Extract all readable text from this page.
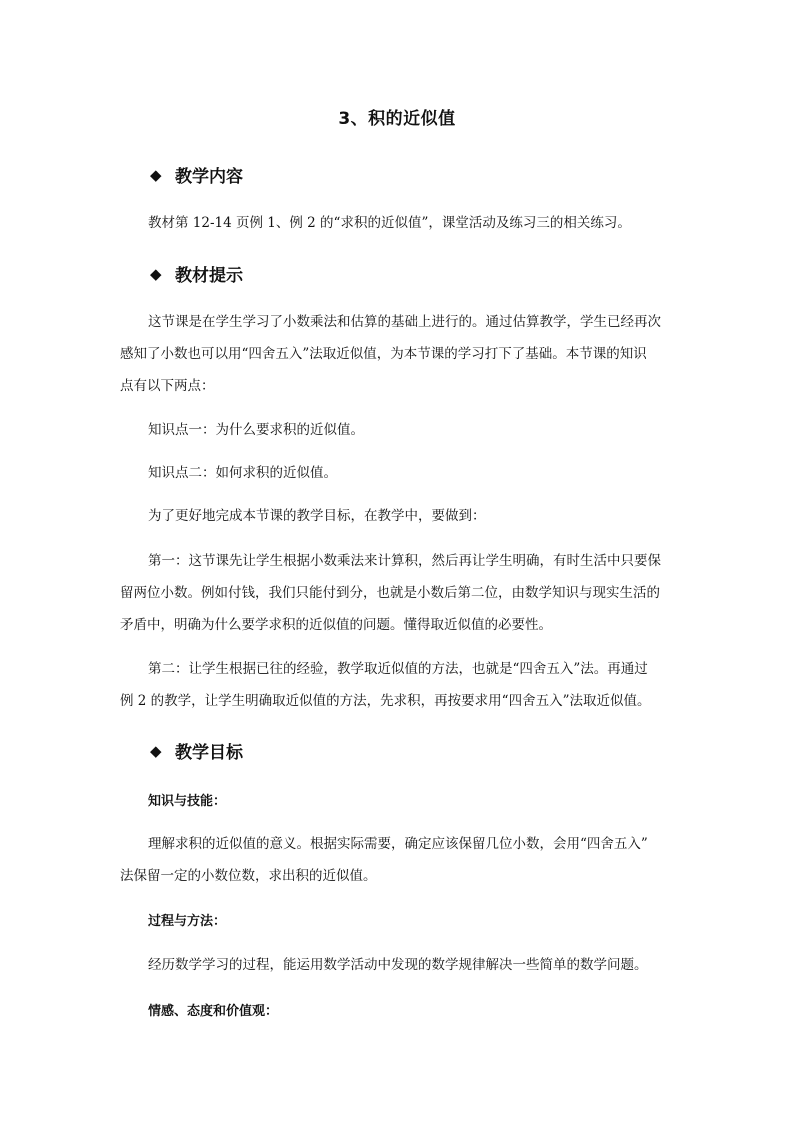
3、积的近似值
◆ 教学内容
教材第 12-14 页例 1、例 2 的“求积的近似值”，课堂活动及练习三的相关练习。
◆ 教材提示
这节课是在学生学习了小数乘法和估算的基础上进行的。通过估算教学，学生已经再次
感知了小数也可以用“四舍五入”法取近似值，为本节课的学习打下了基础。本节课的知识
点有以下两点：
知识点一：为什么要求积的近似值。
知识点二：如何求积的近似值。
为了更好地完成本节课的教学目标，在教学中，要做到：
第一：这节课先让学生根据小数乘法来计算积，然后再让学生明确，有时生活中只要保
留两位小数。例如付钱，我们只能付到分，也就是小数后第二位，由数学知识与现实生活的
矛盾中，明确为什么要学求积的近似值的问题。懂得取近似值的必要性。
第二：让学生根据已往的经验，教学取近似值的方法，也就是“四舍五入”法。再通过
例 2 的教学，让学生明确取近似值的方法，先求积，再按要求用“四舍五入”法取近似值。
◆ 教学目标
知识与技能：
理解求积的近似值的意义。根据实际需要，确定应该保留几位小数，会用“四舍五入”
法保留一定的小数位数，求出积的近似值。
过程与方法：
经历数学学习的过程，能运用数学活动中发现的数学规律解决一些简单的数学问题。
情感、态度和价值观：
